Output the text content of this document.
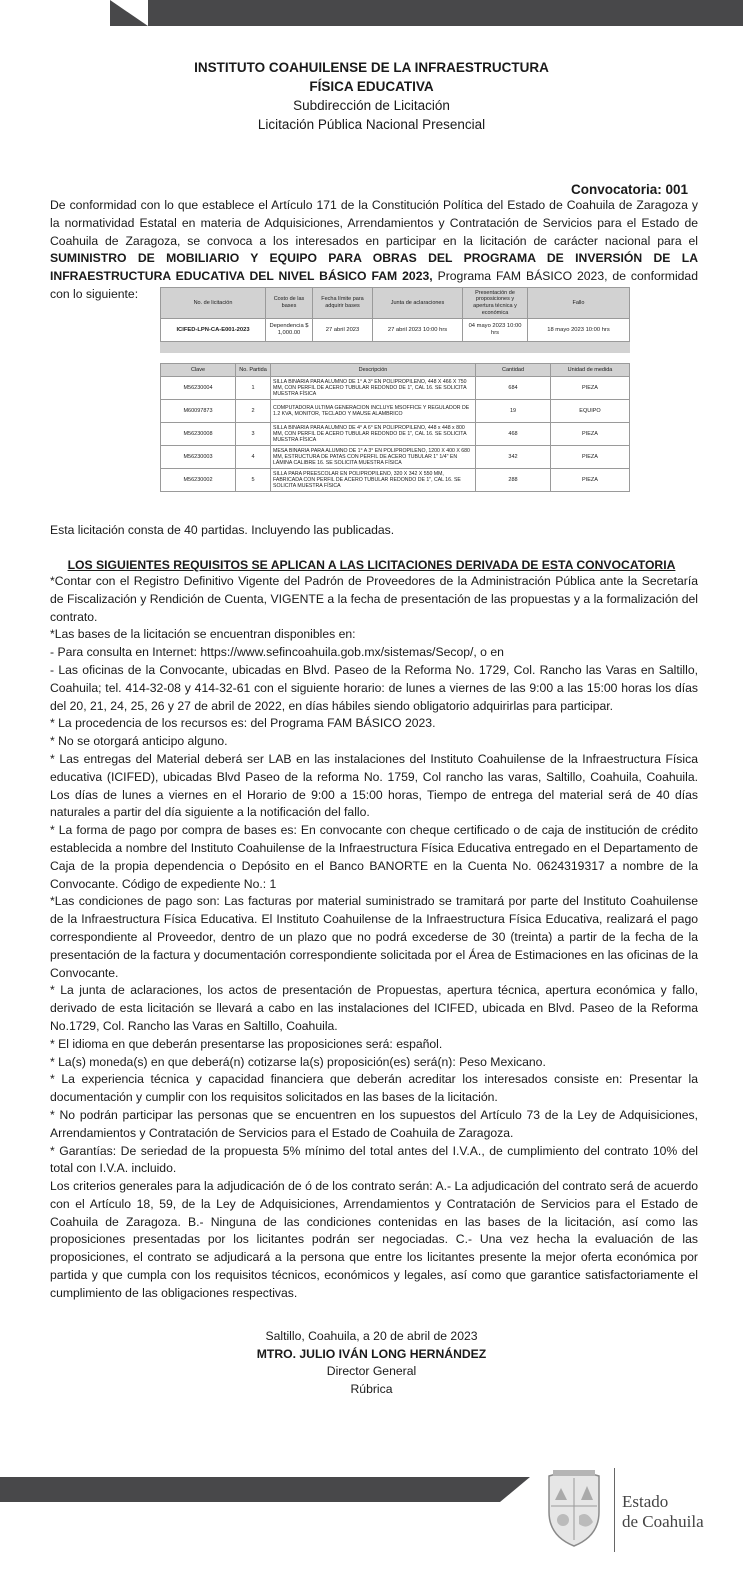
INSTITUTO COAHUILENSE DE LA INFRAESTRUCTURA
FÍSICA EDUCATIVA
Subdirección de Licitación
Licitación Pública Nacional Presencial
Convocatoria: 001
De conformidad con lo que establece el Artículo 171 de la Constitución Política del Estado de Coahuila de Zaragoza y la normatividad Estatal en materia de Adquisiciones, Arrendamientos y Contratación de Servicios para el Estado de Coahuila de Zaragoza, se convoca a los interesados en participar en la licitación de carácter nacional para el SUMINISTRO DE MOBILIARIO Y EQUIPO PARA OBRAS DEL PROGRAMA DE INVERSIÓN DE LA INFRAESTRUCTURA EDUCATIVA DEL NIVEL BÁSICO FAM 2023, Programa FAM BÁSICO 2023, de conformidad con lo siguiente:
No. de licitación	Costo de las bases	Fecha límite para adquirir bases	Junta de aclaraciones	Presentación de proposiciones y apertura técnica y económica	Fallo
ICIFED-LPN-CA-E001-2023	Dependencia $ 1,000.00	27 abril 2023	27 abril 2023 10:00 hrs	04 mayo 2023 10:00 hrs	18 mayo 2023 10:00 hrs

Clave	No. Partida	Descripción	Cantidad	Unidad de medida
M56230004	1	SILLA BINARIA PARA ALUMNO DE 1° A 3° EN POLIPROPILENO, 448 X 466 X 750 MM, CON PERFIL DE ACERO TUBULAR REDONDO DE 1", CAL 16. SE SOLICITA MUESTRA FÍSICA	684	PIEZA
M60097873	2	COMPUTADORA ULTIMA GENERACION INCLUYE MSOFFICE Y REGULADOR DE 1.2 KVA, MONITOR, TECLADO Y MAUSE ALAMBRICO	19	EQUIPO
M56230008	3	SILLA BINARIA PARA ALUMNO DE 4° A 6° EN POLIPROPILENO, 448 x 448 x 800 MM, CON PERFIL DE ACERO TUBULAR REDONDO DE 1", CAL 16. SE SOLICITA MUESTRA FÍSICA	468	PIEZA
M56230003	4	MESA BINARIA PARA ALUMNO DE 1° A 3° EN POLIPROPILENO, 1200 X 400 X 680 MM, ESTRUCTURA DE PATAS CON PERFIL DE ACERO TUBULAR 1" 1/4" EN LÁMINA CALIBRE 16. SE SOLICITA MUESTRA FÍSICA	342	PIEZA
M56230002	5	SILLA PARA PREESCOLAR EN POLIPROPILENO, 320 X 342 X 550 MM, FABRICADA CON PERFIL DE ACERO TUBULAR REDONDO DE 1", CAL 16. SE SOLICITA MUESTRA FÍSICA	288	PIEZA
Esta licitación consta de 40 partidas. Incluyendo las publicadas.
LOS SIGUIENTES REQUISITOS SE APLICAN A LAS LICITACIONES DERIVADA DE ESTA CONVOCATORIA
*Contar con el Registro Definitivo Vigente del Padrón de Proveedores de la Administración Pública ante la Secretaría de Fiscalización y Rendición de Cuenta, VIGENTE a la fecha de presentación de las propuestas y a la formalización del contrato.
*Las bases de la licitación se encuentran disponibles en:
- Para consulta en Internet: https://www.sefincoahuila.gob.mx/sistemas/Secop/, o en
- Las oficinas de la Convocante, ubicadas en Blvd. Paseo de la Reforma No. 1729, Col. Rancho las Varas en Saltillo, Coahuila; tel. 414-32-08 y 414-32-61 con el siguiente horario: de lunes a viernes de las 9:00 a las 15:00 horas los días del 20, 21, 24, 25, 26 y 27 de abril de 2022, en días hábiles siendo obligatorio adquirirlas para participar.
* La procedencia de los recursos es: del Programa FAM BÁSICO 2023.
* No se otorgará anticipo alguno.
* Las entregas del Material deberá ser LAB en las instalaciones del Instituto Coahuilense de la Infraestructura Física educativa (ICIFED), ubicadas Blvd Paseo de la reforma No. 1759, Col rancho las varas, Saltillo, Coahuila, Coahuila. Los días de lunes a viernes en el Horario de 9:00 a 15:00 horas, Tiempo de entrega del material será de 40 días naturales a partir del día siguiente a la notificación del fallo.
* La forma de pago por compra de bases es: En convocante con cheque certificado o de caja de institución de crédito establecida a nombre del Instituto Coahuilense de la Infraestructura Física Educativa entregado en el Departamento de Caja de la propia dependencia o Depósito en el Banco BANORTE en la Cuenta No. 0624319317 a nombre de la Convocante. Código de expediente No.: 1
*Las condiciones de pago son: Las facturas por material suministrado se tramitará por parte del Instituto Coahuilense de la Infraestructura Física Educativa. El Instituto Coahuilense de la Infraestructura Física Educativa, realizará el pago correspondiente al Proveedor, dentro de un plazo que no podrá excederse de 30 (treinta) a partir de la fecha de la presentación de la factura y documentación correspondiente solicitada por el Área de Estimaciones en las oficinas de la Convocante.
* La junta de aclaraciones, los actos de presentación de Propuestas, apertura técnica, apertura económica y fallo, derivado de esta licitación se llevará a cabo en las instalaciones del ICIFED, ubicada en Blvd. Paseo de la Reforma No.1729, Col. Rancho las Varas en Saltillo, Coahuila.
* El idioma en que deberán presentarse las proposiciones será: español.
* La(s) moneda(s) en que deberá(n) cotizarse la(s) proposición(es) será(n): Peso Mexicano.
* La experiencia técnica y capacidad financiera que deberán acreditar los interesados consiste en: Presentar la documentación y cumplir con los requisitos solicitados en las bases de la licitación.
* No podrán participar las personas que se encuentren en los supuestos del Artículo 73 de la Ley de Adquisiciones, Arrendamientos y Contratación de Servicios para el Estado de Coahuila de Zaragoza.
* Garantías: De seriedad de la propuesta 5% mínimo del total antes del I.V.A., de cumplimiento del contrato 10% del total con I.V.A. incluido.
Los criterios generales para la adjudicación de ó de los contrato serán: A.- La adjudicación del contrato será de acuerdo con el Artículo 18, 59, de la Ley de Adquisiciones, Arrendamientos y Contratación de Servicios para el Estado de Coahuila de Zaragoza. B.- Ninguna de las condiciones contenidas en las bases de la licitación, así como las proposiciones presentadas por los licitantes podrán ser negociadas. C.- Una vez hecha la evaluación de las proposiciones, el contrato se adjudicará a la persona que entre los licitantes presente la mejor oferta económica por partida y que cumpla con los requisitos técnicos, económicos y legales, así como que garantice satisfactoriamente el cumplimiento de las obligaciones respectivas.
Saltillo, Coahuila, a 20 de abril de 2023
MTRO. JULIO IVÁN LONG HERNÁNDEZ
Director General
Rúbrica
Estado
de Coahuila
